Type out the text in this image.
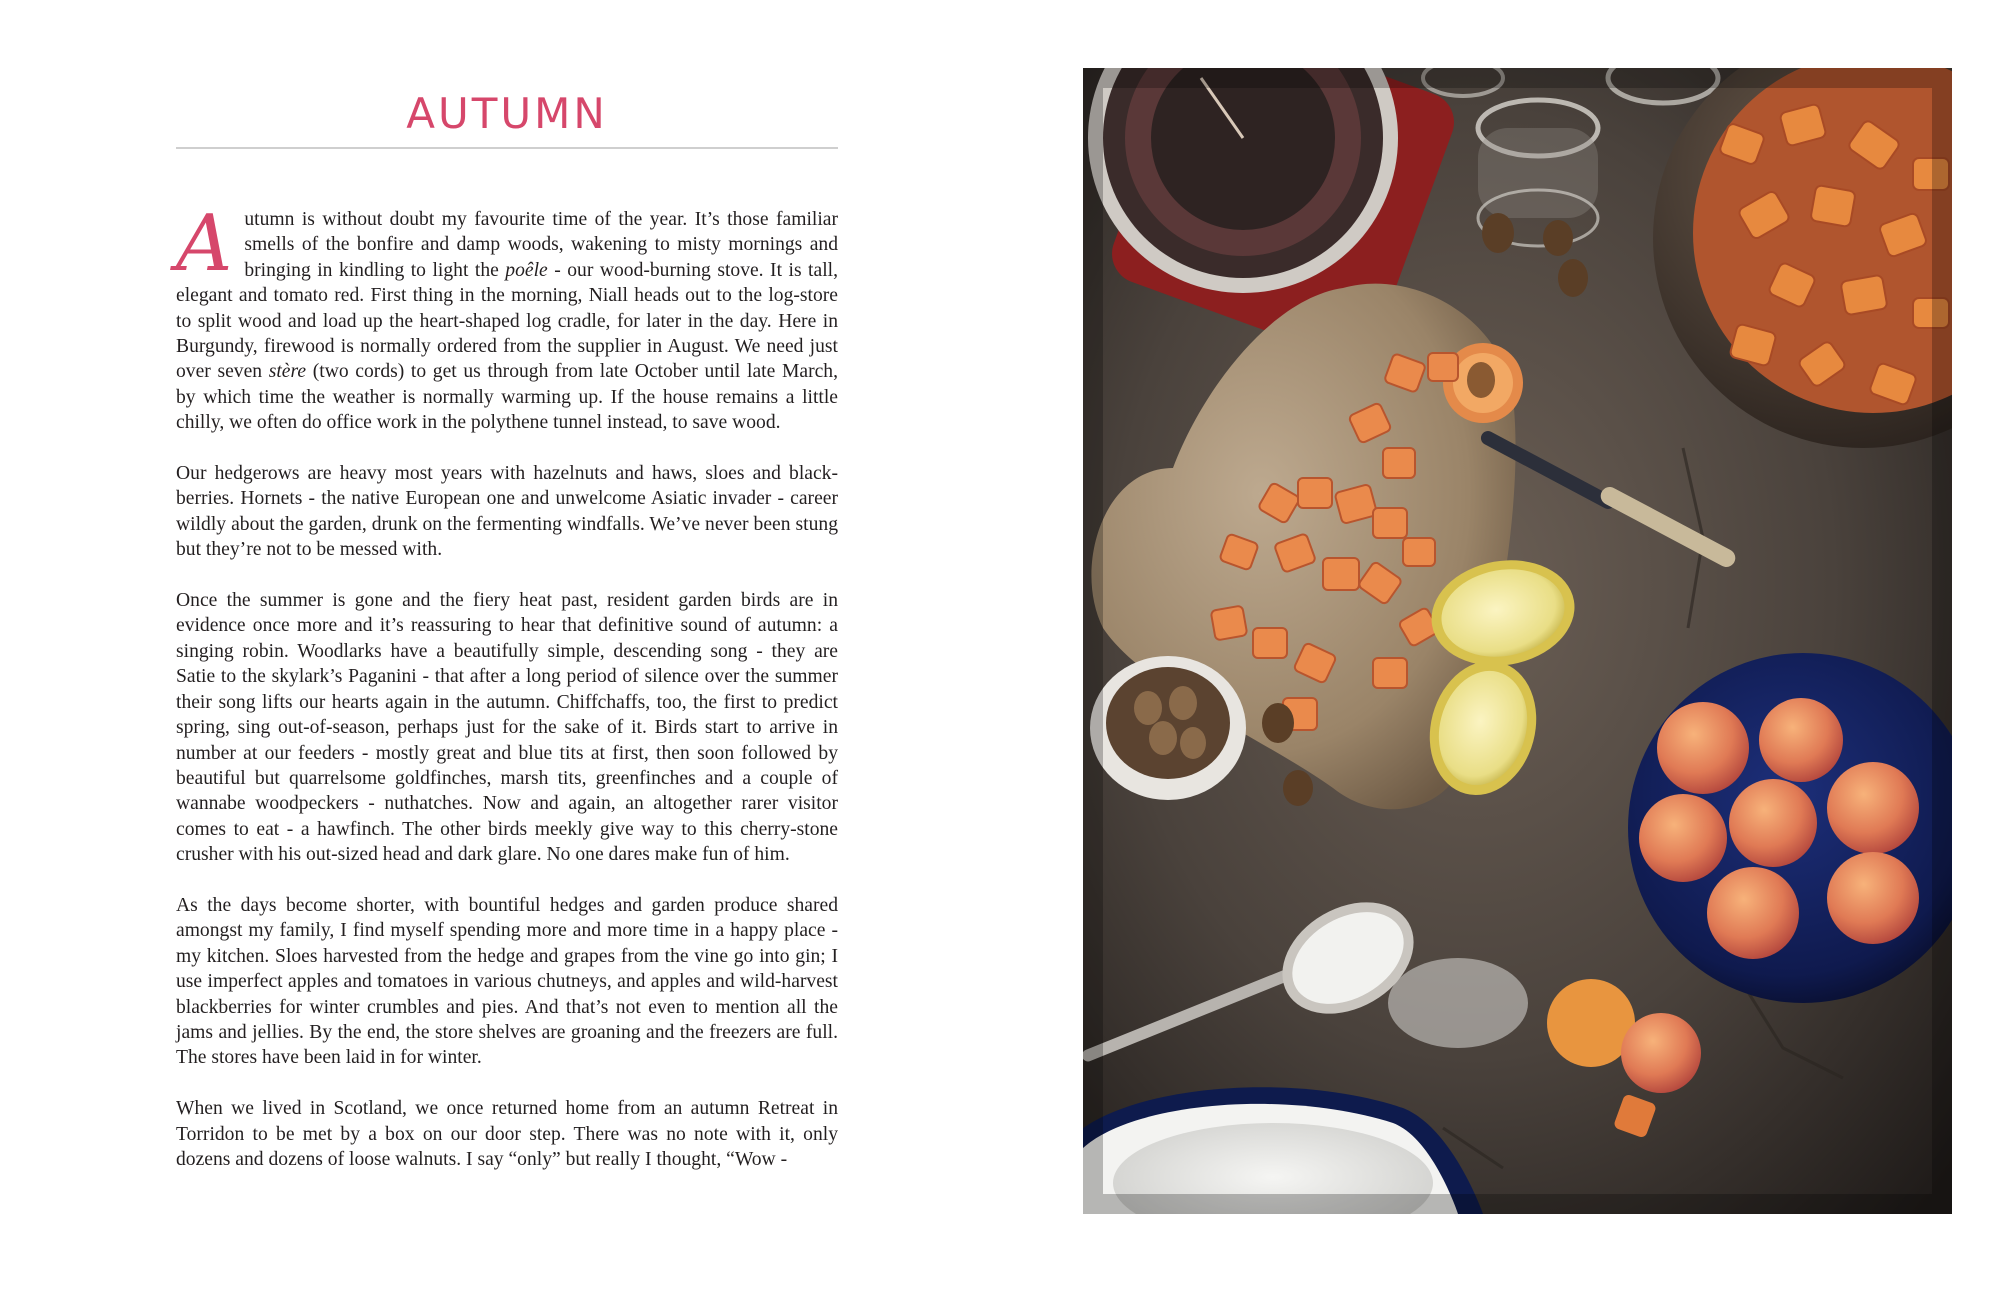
AUTUMN

Autumn is without doubt my favourite time of the year. It’s those familiar smells of the bonfire and damp woods, wakening to misty mornings and bringing in kindling to light the poêle - our wood-burning stove. It is tall, elegant and tomato red. First thing in the morning, Niall heads out to the log-store to split wood and load up the heart-shaped log cradle, for later in the day. Here in Burgundy, firewood is normally ordered from the supplier in August. We need just over seven stère (two cords) to get us through from late October until late March, by which time the weather is normally warming up. If the house remains a little chilly, we often do office work in the polythene tunnel instead, to save wood.

Our hedgerows are heavy most years with hazelnuts and haws, sloes and black-berries. Hornets - the native European one and unwelcome Asiatic invader - career wildly about the garden, drunk on the fermenting windfalls. We’ve never been stung but they’re not to be messed with.

Once the summer is gone and the fiery heat past, resident garden birds are in evidence once more and it’s reassuring to hear that definitive sound of autumn: a singing robin. Woodlarks have a beautifully simple, descending song - they are Satie to the skylark’s Paganini - that after a long period of silence over the summer their song lifts our hearts again in the autumn. Chiffchaffs, too, the first to predict spring, sing out-of-season, perhaps just for the sake of it. Birds start to arrive in number at our feeders - mostly great and blue tits at first, then soon followed by beautiful but quarrelsome goldfinches, marsh tits, greenfinches and a couple of wannabe woodpeckers - nuthatches. Now and again, an altogether rarer visitor comes to eat - a hawfinch. The other birds meekly give way to this cherry-stone crusher with his out-sized head and dark glare. No one dares make fun of him.

As the days become shorter, with bountiful hedges and garden produce shared amongst my family, I find myself spending more and more time in a happy place - my kitchen. Sloes harvested from the hedge and grapes from the vine go into gin; I use imperfect apples and tomatoes in various chutneys, and apples and wild-harvest blackberries for winter crumbles and pies. And that’s not even to mention all the jams and jellies. By the end, the store shelves are groaning and the freezers are full. The stores have been laid in for winter.

When we lived in Scotland, we once returned home from an autumn Retreat in Torridon to be met by a box on our door step. There was no note with it, only dozens and dozens of loose walnuts. I say “only” but really I thought, “Wow -
